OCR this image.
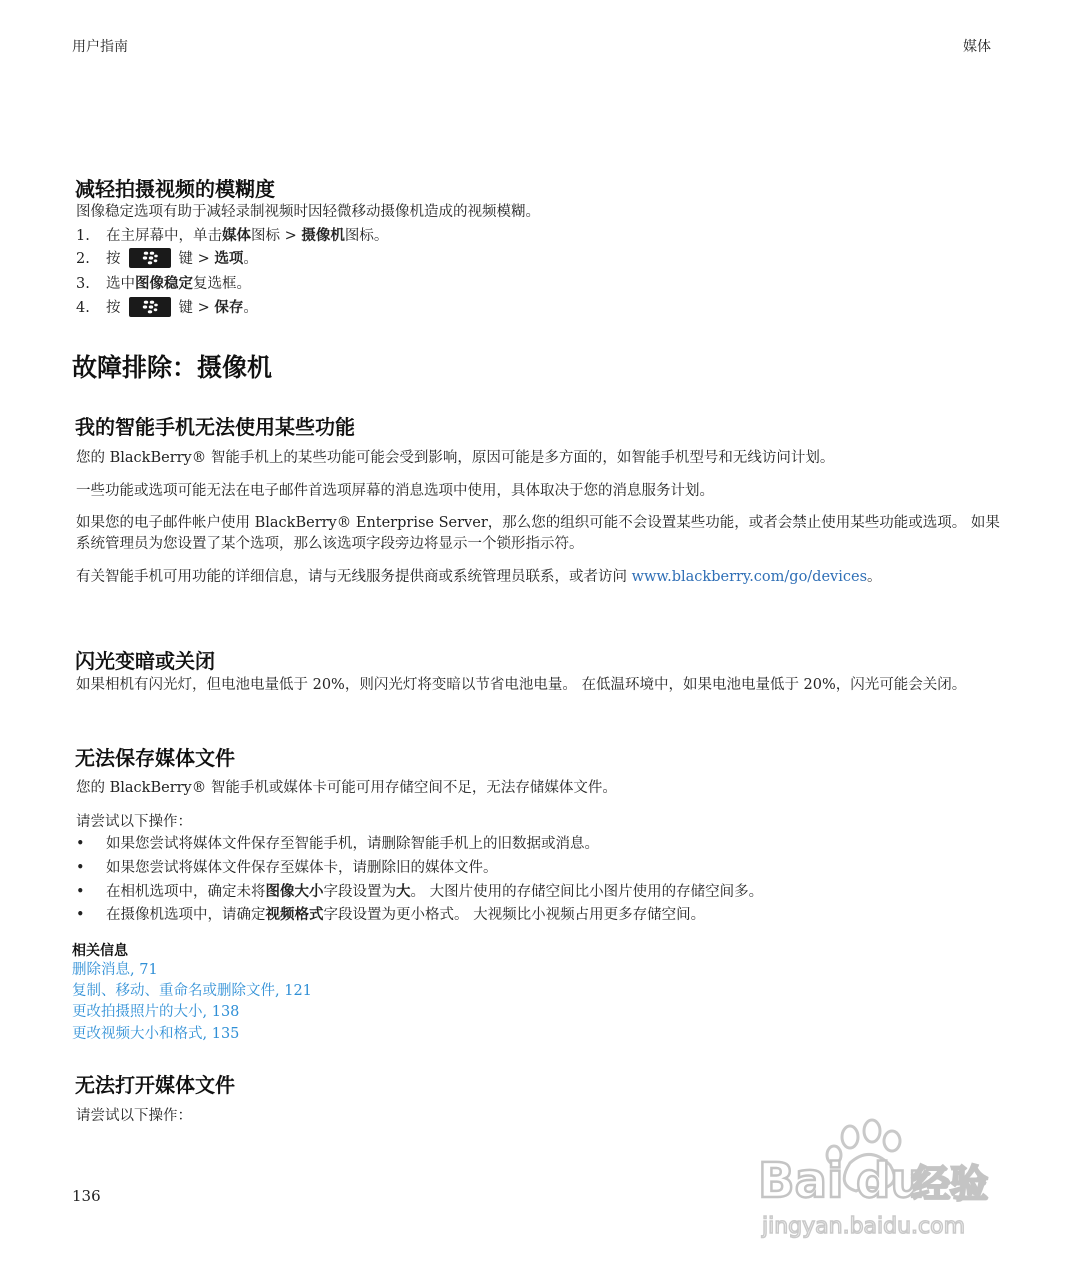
用户指南	媒体
减轻拍摄视频的模糊度
图像稳定选项有助于减轻录制视频时因轻微移动摄像机造成的视频模糊。
1. 在主屏幕中，单击媒体图标 > 摄像机图标。
2. 按	键 > 选项。
3. 选中图像稳定复选框。
4. 按	键 > 保存。
故障排除：摄像机
我的智能手机无法使用某些功能
您的 BlackBerry® 智能手机上的某些功能可能会受到影响，原因可能是多方面的，如智能手机型号和无线访问计划。
一些功能或选项可能无法在电子邮件首选项屏幕的消息选项中使用，具体取决于您的消息服务计划。
如果您的电子邮件帐户使用 BlackBerry® Enterprise Server，那么您的组织可能不会设置某些功能，或者会禁止使用某些功能或选项。 如果系统管理员为您设置了某个选项，那么该选项字段旁边将显示一个锁形指示符。
有关智能手机可用功能的详细信息，请与无线服务提供商或系统管理员联系，或者访问 www.blackberry.com/go/devices。
闪光变暗或关闭
如果相机有闪光灯，但电池电量低于 20%，则闪光灯将变暗以节省电池电量。 在低温环境中，如果电池电量低于 20%，闪光可能会关闭。
无法保存媒体文件
您的 BlackBerry® 智能手机或媒体卡可能可用存储空间不足，无法存储媒体文件。
请尝试以下操作：
• 如果您尝试将媒体文件保存至智能手机，请删除智能手机上的旧数据或消息。
• 如果您尝试将媒体文件保存至媒体卡，请删除旧的媒体文件。
• 在相机选项中，确定未将图像大小字段设置为大。 大图片使用的存储空间比小图片使用的存储空间多。
• 在摄像机选项中，请确定视频格式字段设置为更小格式。 大视频比小视频占用更多存储空间。
相关信息
删除消息, 71
复制、移动、重命名或删除文件, 121
更改拍摄照片的大小, 138
更改视频大小和格式, 135
无法打开媒体文件
请尝试以下操作：
136	Bai du
经验
jingyan.baidu.com
